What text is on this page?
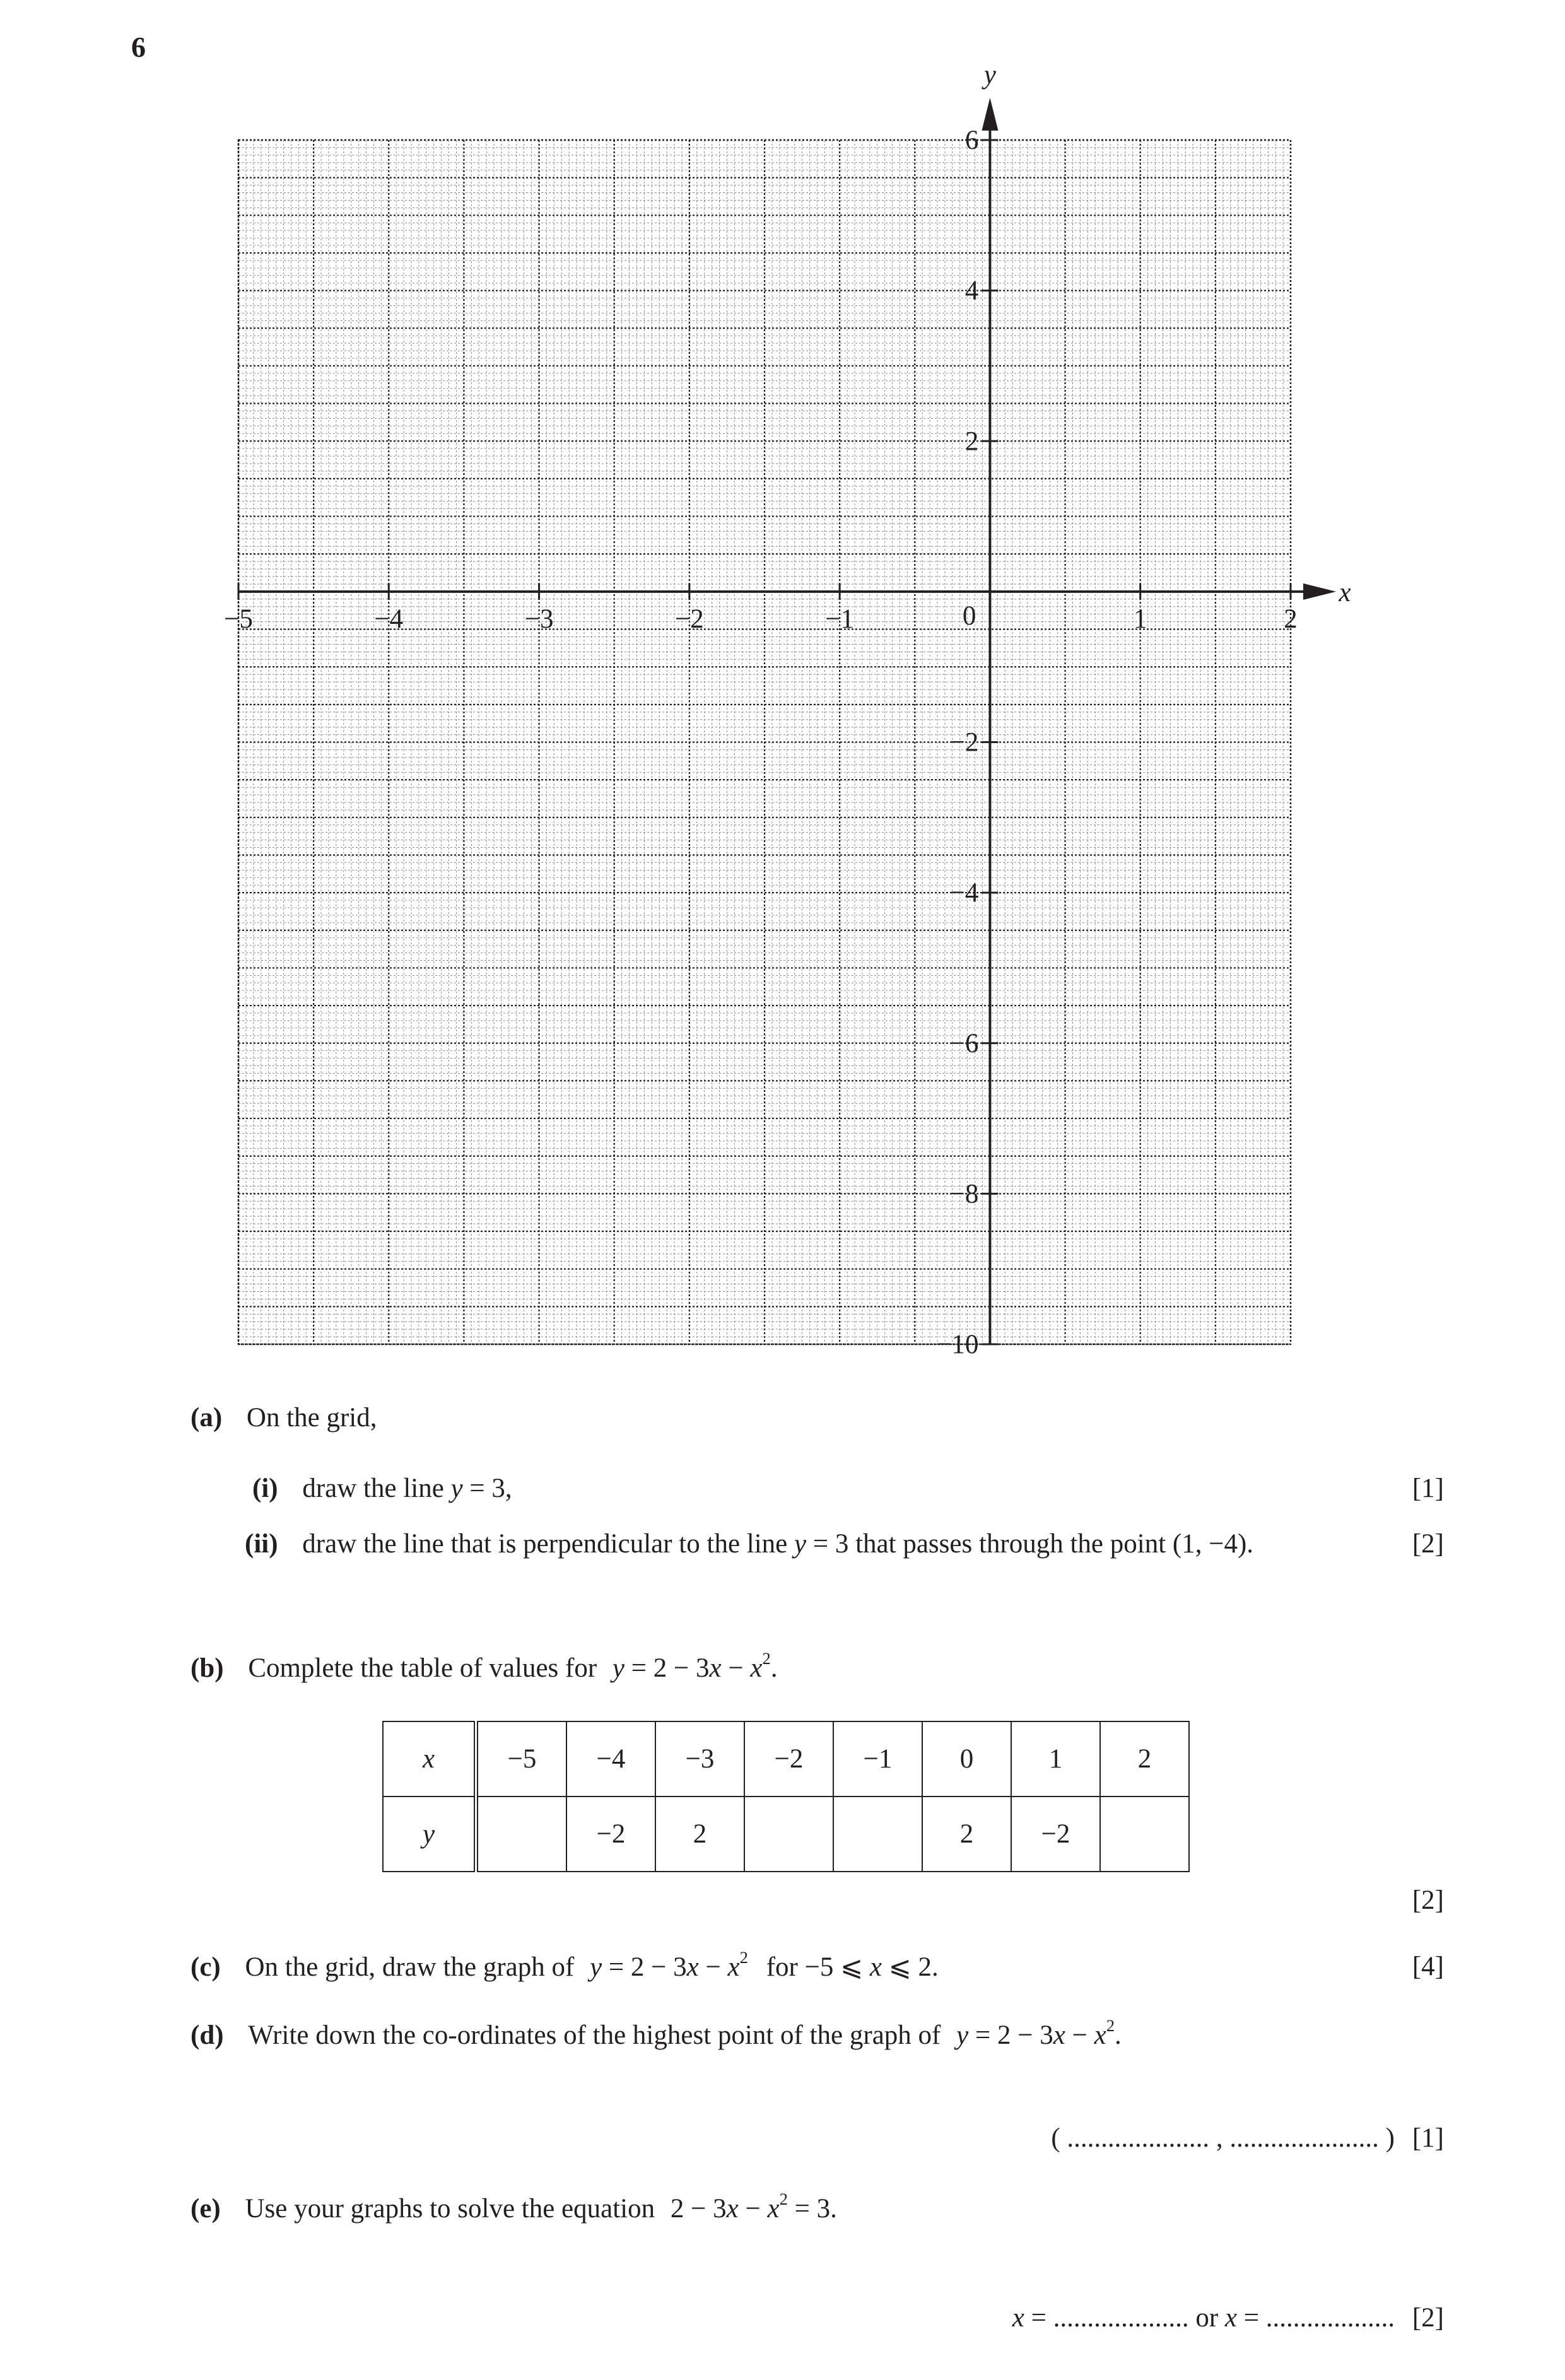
6
x
y
−5	−4	−3	−2	−1	1	2
6
4
2
−2
−4
−6
−8
−10
0
(a) On the grid,
(i) draw the line y = 3,	[1]
(ii) draw the line that is perpendicular to the line y = 3 that passes through the point (1, −4).	[2]
(b) Complete the table of values for $y = 2 - 3x - x^2$.
x	−5	−4	−3	−2	−1	0	1	2
y		−2	2			2	−2	
[2]
(c) On the grid, draw the graph of $y = 2 - 3x - x^2$ for −5 ⩽ x ⩽ 2.	[4]
(d) Write down the co-ordinates of the highest point of the graph of $y = 2 - 3x - x^2$.
( ..................... , ...................... ) [1]
(e) Use your graphs to solve the equation $2 - 3x - x^2 = 3$.
x = .................... or x = ................... [2]
